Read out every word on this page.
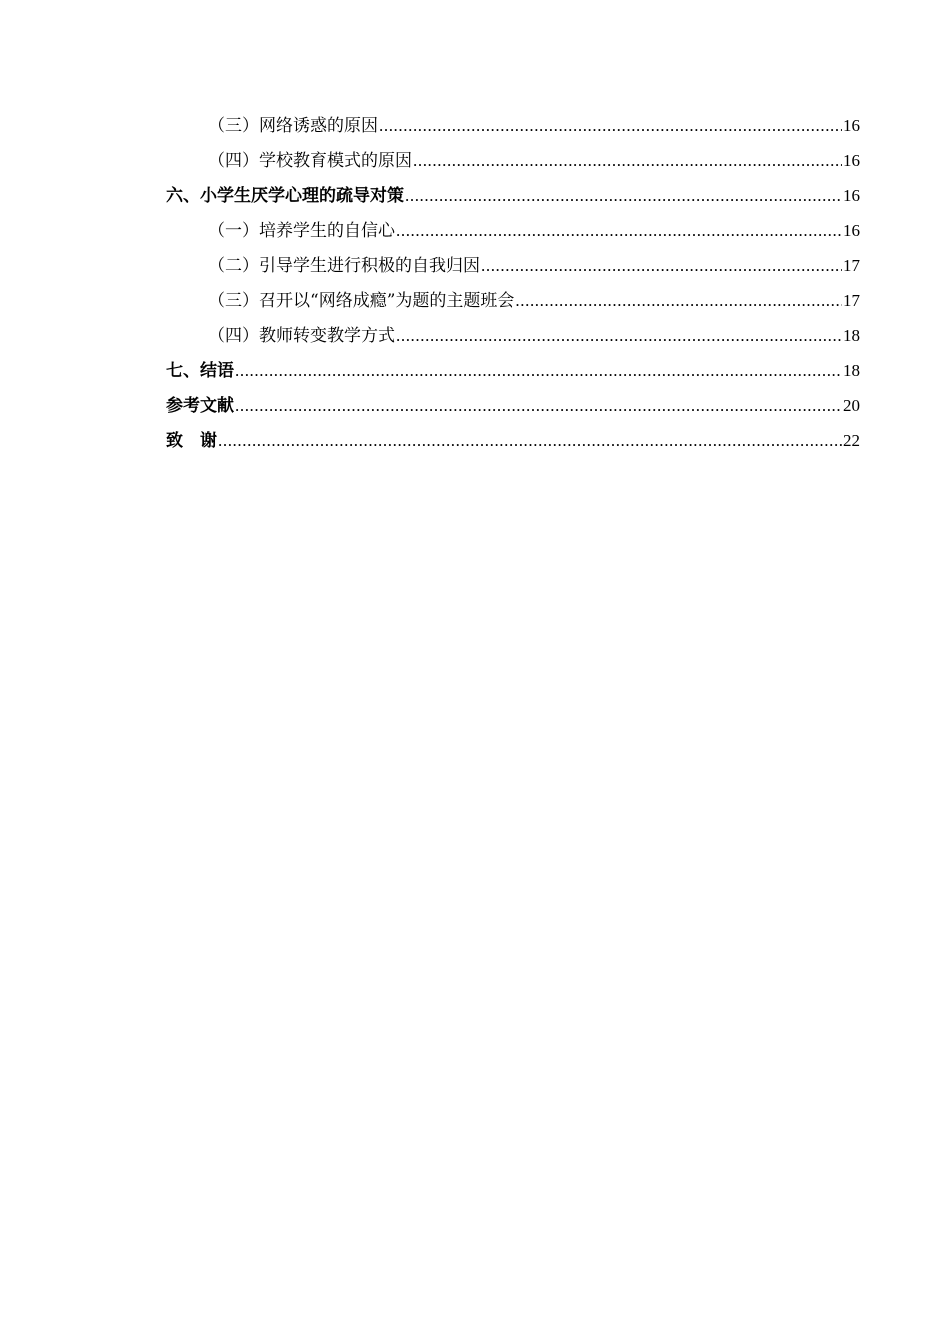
（三）网络诱惑的原因 .....	16
（四）学校教育模式的原因 .....	16
六、小学生厌学心理的疏导对策 .....	16
（一）培养学生的自信心 .....	16
（二）引导学生进行积极的自我归因 .....	17
（三）召开以“网络成瘾”为题的主题班会 .....	17
（四）教师转变教学方式 .....	18
七、结语 .....	18
参考文献 .....	20
致　谢 .....	22
